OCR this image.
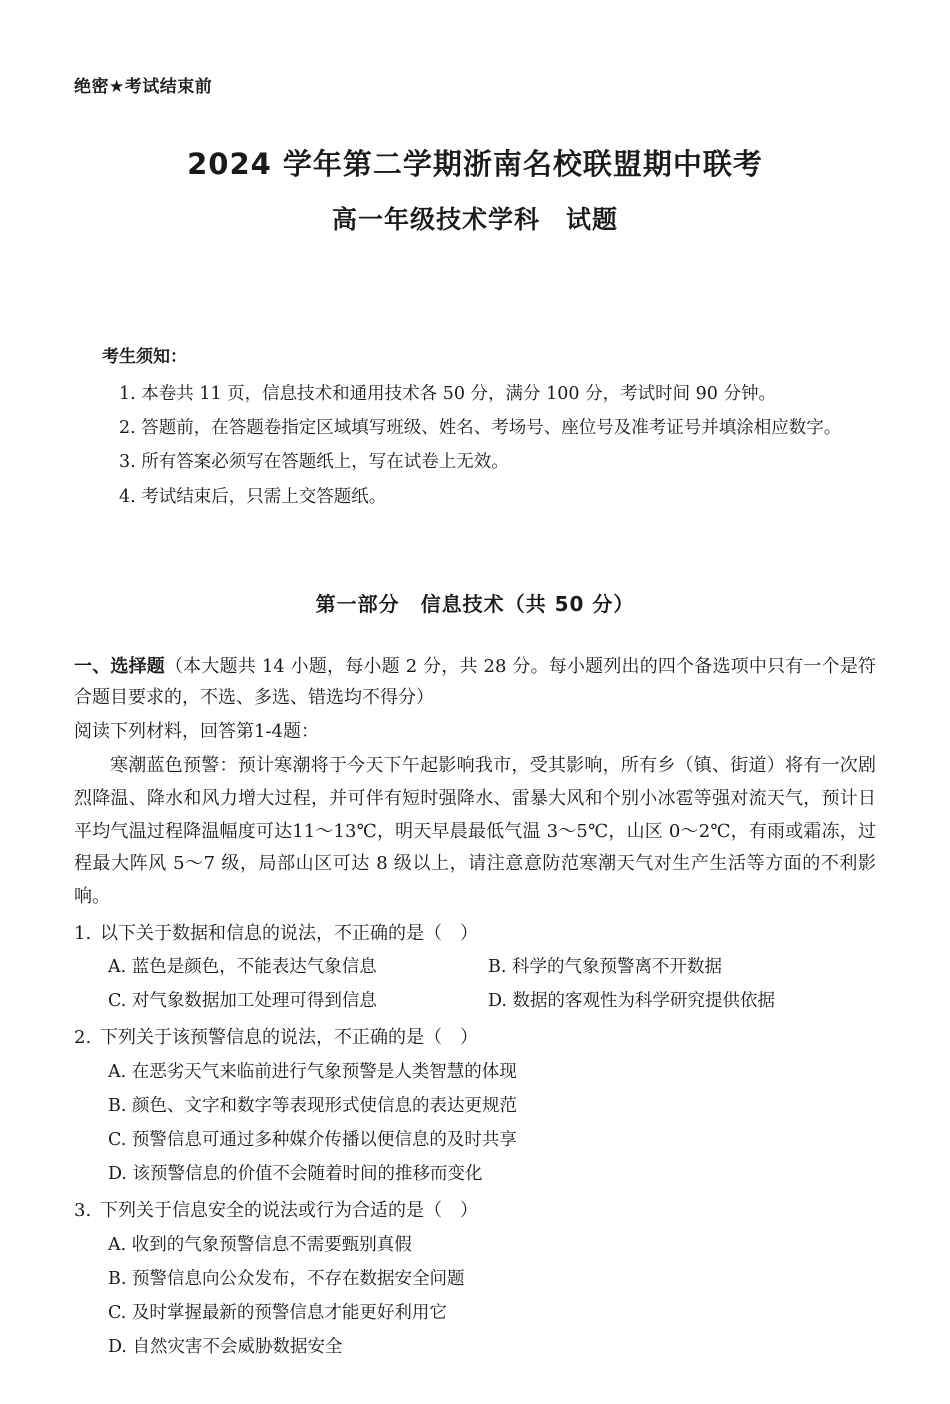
绝密★考试结束前
2024 学年第二学期浙南名校联盟期中联考
高一年级技术学科　试题
考生须知：

1. 本卷共 11 页，信息技术和通用技术各 50 分，满分 100 分，考试时间 90 分钟。

2. 答题前，在答题卷指定区域填写班级、姓名、考场号、座位号及准考证号并填涂相应数字。

3. 所有答案必须写在答题纸上，写在试卷上无效。

4. 考试结束后，只需上交答题纸。

第一部分　信息技术（共 50 分）

一、选择题（本大题共 14 小题，每小题 2 分，共 28 分。每小题列出的四个备选项中只有一个是符合题目要求的，不选、多选、错选均不得分）

阅读下列材料，回答第1-4题：

寒潮蓝色预警：预计寒潮将于今天下午起影响我市，受其影响，所有乡（镇、街道）将有一次剧烈降温、降水和风力增大过程，并可伴有短时强降水、雷暴大风和个别小冰雹等强对流天气，预计日平均气温过程降温幅度可达11～13℃，明天早晨最低气温 3～5℃，山区 0～2℃，有雨或霜冻，过程最大阵风 5～7 级，局部山区可达 8 级以上，请注意意防范寒潮天气对生产生活等方面的不利影响。

1. 以下关于数据和信息的说法，不正确的是（　）

A. 蓝色是颜色，不能表达气象信息	B. 科学的气象预警离不开数据
C. 对气象数据加工处理可得到信息	D. 数据的客观性为科学研究提供依据

2. 下列关于该预警信息的说法，不正确的是（　）

A. 在恶劣天气来临前进行气象预警是人类智慧的体现
B. 颜色、文字和数字等表现形式使信息的表达更规范
C. 预警信息可通过多种媒介传播以便信息的及时共享
D. 该预警信息的价值不会随着时间的推移而变化

3. 下列关于信息安全的说法或行为合适的是（　）

A. 收到的气象预警信息不需要甄别真假
B. 预警信息向公众发布，不存在数据安全问题
C. 及时掌握最新的预警信息才能更好利用它
D. 自然灾害不会威胁数据安全
